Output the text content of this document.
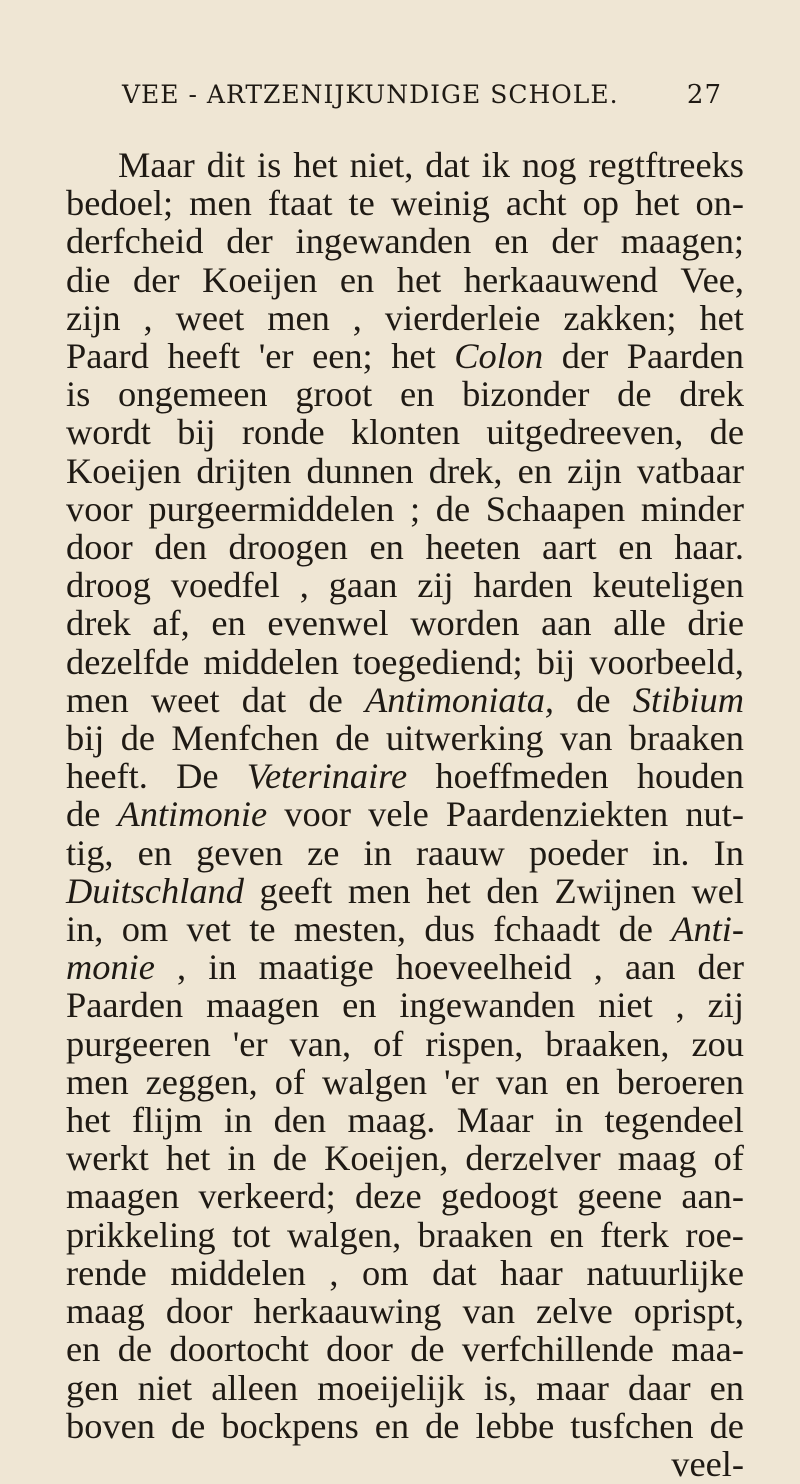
VEE - ARTZENIJKUNDIGE SCHOLE.	27
Maar dit is het niet, dat ik nog regtftreeks
bedoel; men ftaat te weinig acht op het on-
derfcheid der ingewanden en der maagen;
die der Koeijen en het herkaauwend Vee,
zijn , weet men , vierderleie zakken; het
Paard heeft 'er een; het Colon der Paarden
is ongemeen groot en bizonder de drek
wordt bij ronde klonten uitgedreeven, de
Koeijen drijten dunnen drek, en zijn vatbaar
voor purgeermiddelen ; de Schaapen minder
door den droogen en heeten aart en haar.
droog voedfel , gaan zij harden keuteligen
drek af, en evenwel worden aan alle drie
dezelfde middelen toegediend; bij voorbeeld,
men weet dat de Antimoniata, de Stibium
bij de Menfchen de uitwerking van braaken
heeft. De Veterinaire hoeffmeden houden
de Antimonie voor vele Paardenziekten nut-
tig, en geven ze in raauw poeder in. In
Duitschland geeft men het den Zwijnen wel
in, om vet te mesten, dus fchaadt de Anti-
monie , in maatige hoeveelheid , aan der
Paarden maagen en ingewanden niet , zij
purgeeren 'er van, of rispen, braaken, zou
men zeggen, of walgen 'er van en beroeren
het flijm in den maag. Maar in tegendeel
werkt het in de Koeijen, derzelver maag of
maagen verkeerd; deze gedoogt geene aan-
prikkeling tot walgen, braaken en fterk roe-
rende middelen , om dat haar natuurlijke
maag door herkaauwing van zelve oprispt,
en de doortocht door de verfchillende maa-
gen niet alleen moeijelijk is, maar daar en
boven de bockpens en de lebbe tusfchen de
veel-
